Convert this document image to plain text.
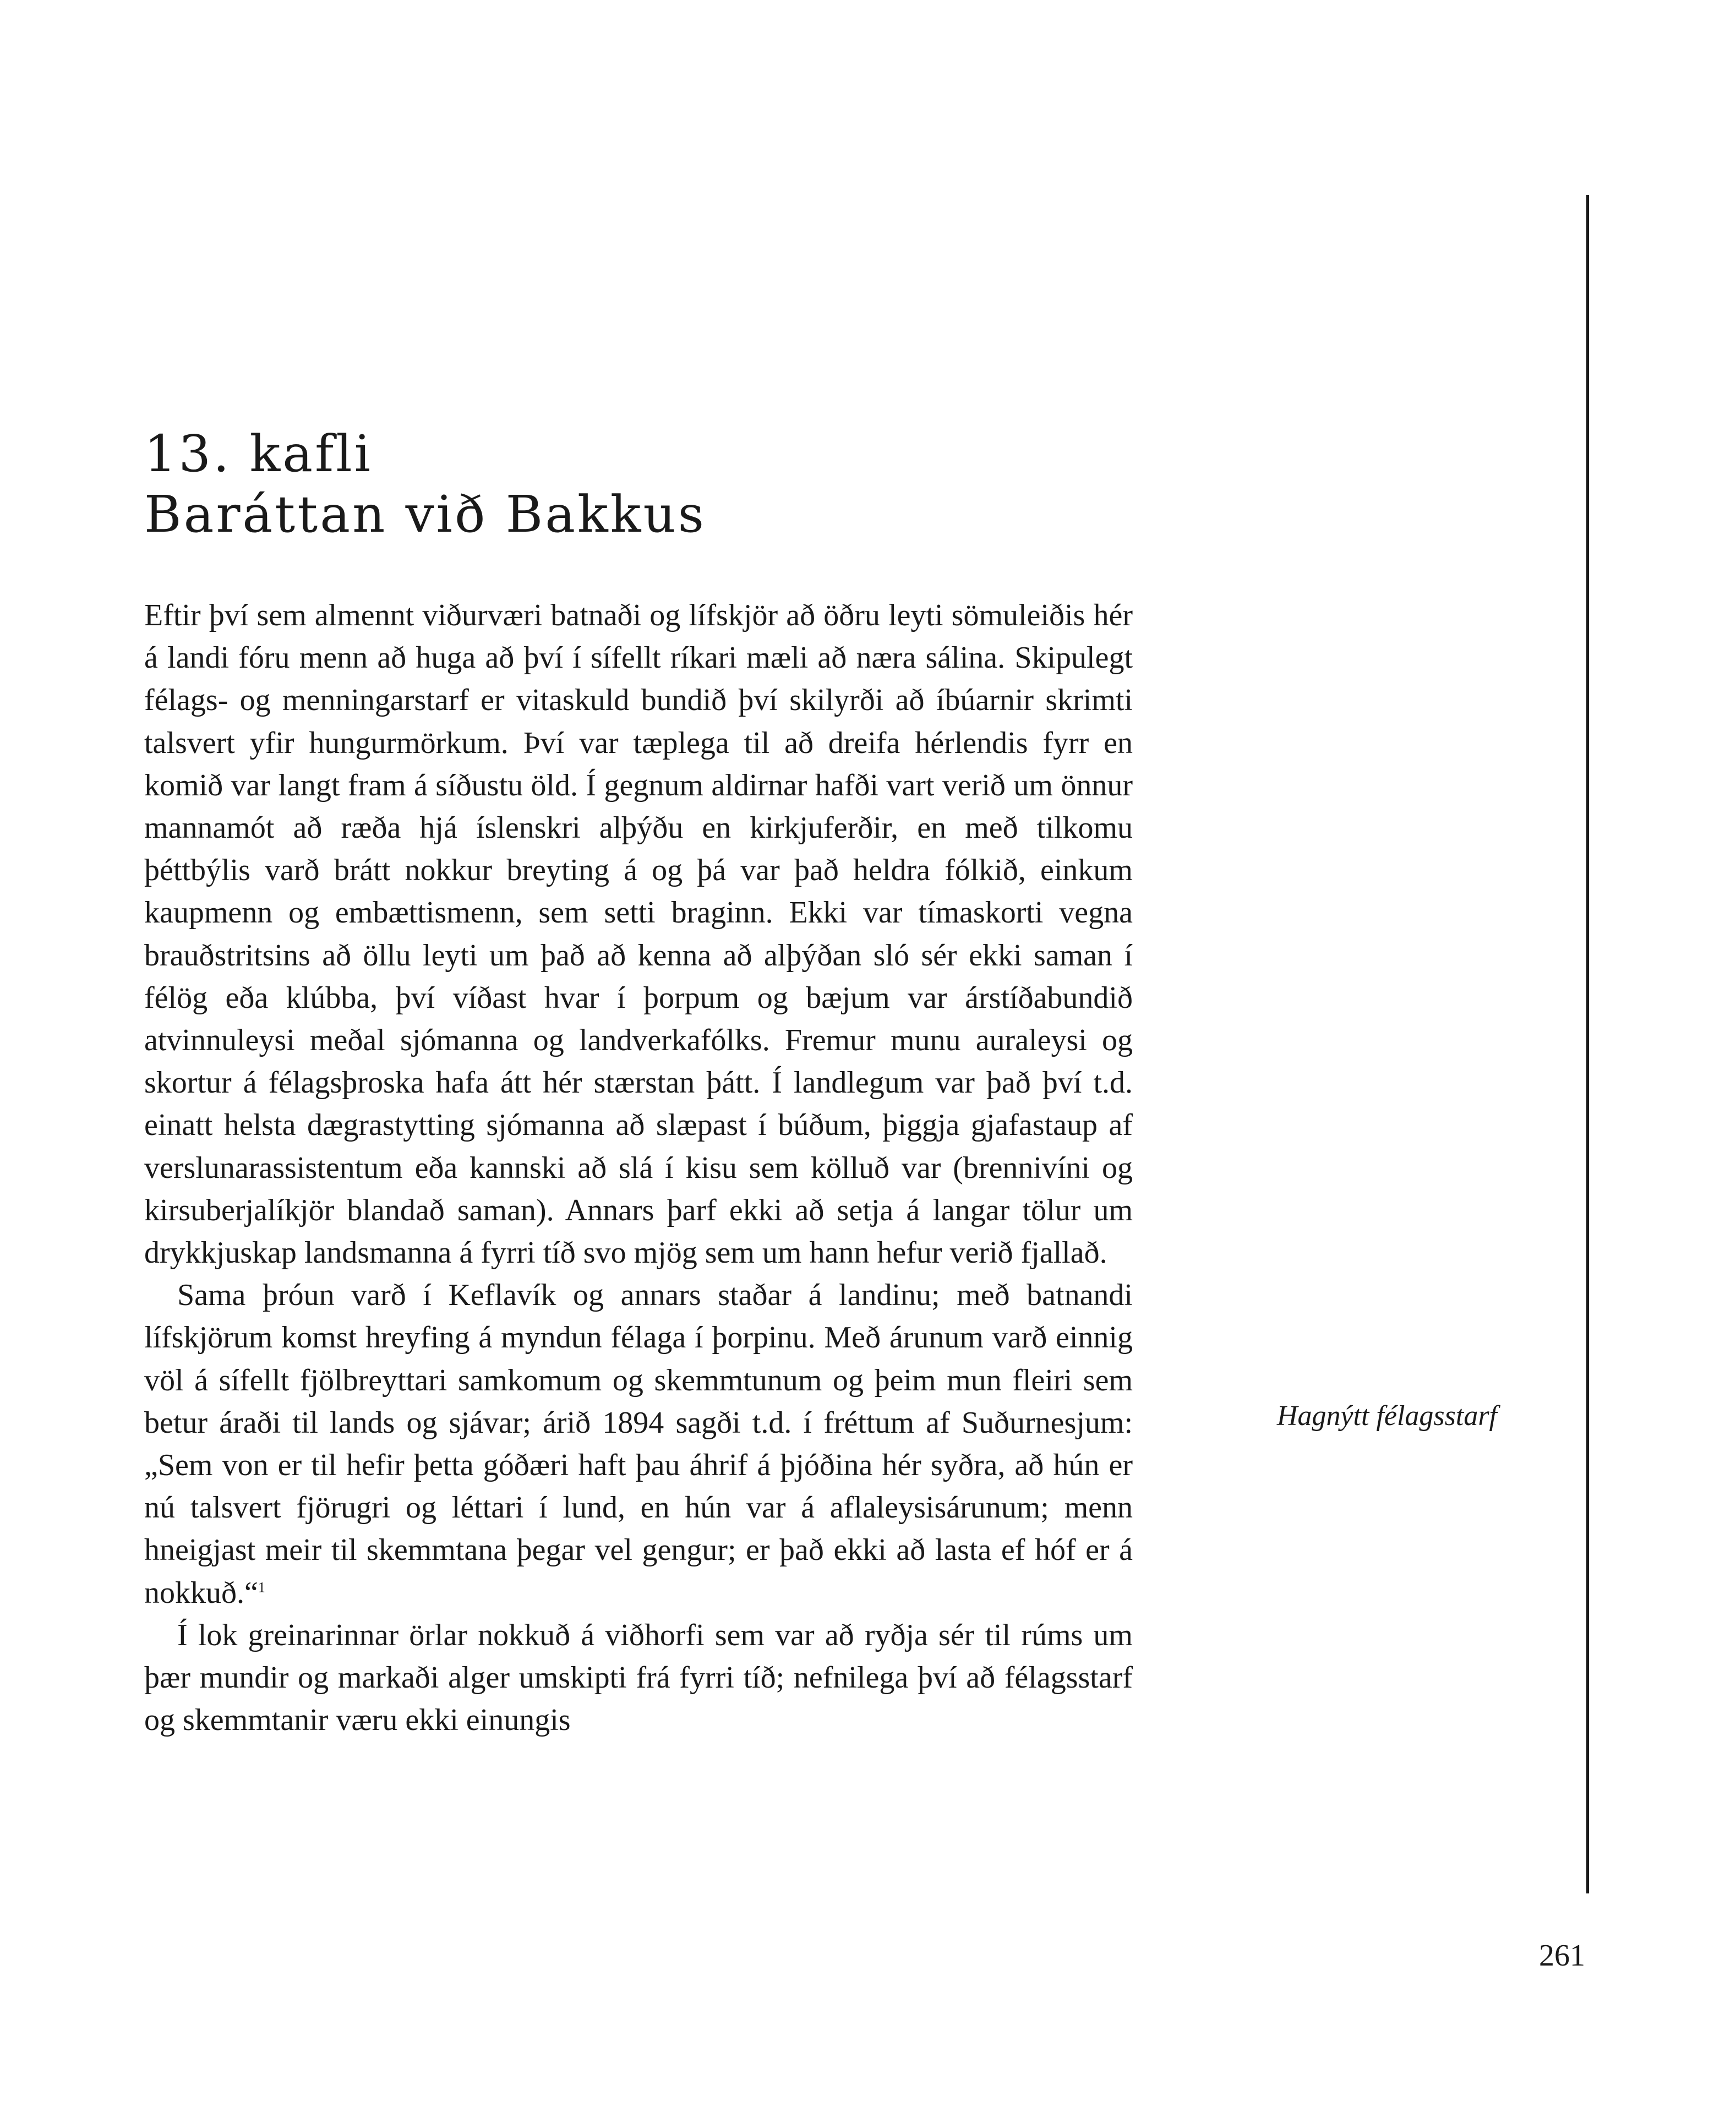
13. kafli
Baráttan við Bakkus

Eftir því sem almennt viðurværi batnaði og lífskjör að öðru leyti sömuleiðis hér á landi fóru menn að huga að því í sífellt ríkari mæli að næra sálina. Skipulegt félags- og menningarstarf er vitaskuld bundið því skilyrði að íbúarnir skrimti talsvert yfir hungurmörkum. Því var tæplega til að dreifa hérlendis fyrr en komið var langt fram á síðustu öld. Í gegnum aldirnar hafði vart verið um önnur mannamót að ræða hjá íslenskri alþýðu en kirkjuferðir, en með tilkomu þéttbýlis varð brátt nokkur breyting á og þá var það heldra fólkið, einkum kaupmenn og embættismenn, sem setti braginn. Ekki var tímaskorti vegna brauðstritsins að öllu leyti um það að kenna að alþýðan sló sér ekki saman í félög eða klúbba, því víðast hvar í þorpum og bæjum var árstíðabundið atvinnuleysi meðal sjómanna og landverkafólks. Fremur munu auraleysi og skortur á félagsþroska hafa átt hér stærstan þátt. Í landlegum var það því t.d. einatt helsta dægrastytting sjómanna að slæpast í búðum, þiggja gjafastaup af verslunarassistentum eða kannski að slá í kisu sem kölluð var (brennivíni og kirsuberjalíkjör blandað saman). Annars þarf ekki að setja á langar tölur um drykkjuskap landsmanna á fyrri tíð svo mjög sem um hann hefur verið fjallað.

Sama þróun varð í Keflavík og annars staðar á landinu; með batnandi lífskjörum komst hreyfing á myndun félaga í þorpinu. Með árunum varð einnig völ á sífellt fjölbreyttari samkomum og skemmtunum og þeim mun fleiri sem betur áraði til lands og sjávar; árið 1894 sagði t.d. í fréttum af Suðurnesjum: „Sem von er til hefir þetta góðæri haft þau áhrif á þjóðina hér syðra, að hún er nú talsvert fjörugri og léttari í lund, en hún var á aflaleysisárunum; menn hneigjast meir til skemmtana þegar vel gengur; er það ekki að lasta ef hóf er á nokkuð.“$^1$

Í lok greinarinnar örlar nokkuð á viðhorfi sem var að ryðja sér til rúms um þær mundir og markaði alger umskipti frá fyrri tíð; nefnilega því að félagsstarf og skemmtanir væru ekki einungis

Hagnýtt félagsstarf
261
